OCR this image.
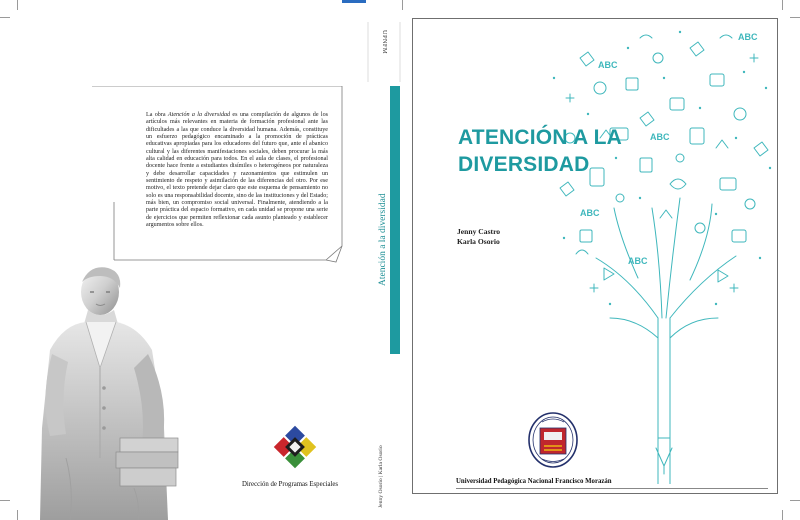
La obra Atención a la diversidad es una compilación de algunos de los artículos más relevantes en materia de formación profesional ante las dificultades a las que conduce la diversidad humana. Además, constituye un esfuerzo pedagógico encaminado a la promoción de prácticas educativas apropiadas para los educadores del futuro que, ante el abanico cultural y las diferentes manifestaciones sociales, deben procurar la más alta calidad en educación para todos. En el aula de clases, el profesional docente hace frente a estudiantes disímiles o heterogéneos por naturaleza y debe desarrollar capacidades y razonamientos que estimulen un sentimiento de respeto y asimilación de las diferencias del otro. Por ese motivo, el texto pretende dejar claro que este esquema de pensamiento no solo es una responsabilidad docente, sino de las instituciones y del Estado; más bien, un compromiso social universal. Finalmente, atendiendo a la parte práctica del espacio formativo, en cada unidad se propone una serie de ejercicios que permiten reflexionar cada asunto planteado y establecer argumentos sobre ellos.
Dirección de Programas Especiales
UPNFM
Atención a la diversidad
Jenny Osorio | Karla Osorio
ABC
ABC
ABC
ABC
ABC
ATENCIÓN A LA
DIVERSIDAD
Jenny Castro
Karla Osorio
Universidad Pedagógica Nacional Francisco Morazán
